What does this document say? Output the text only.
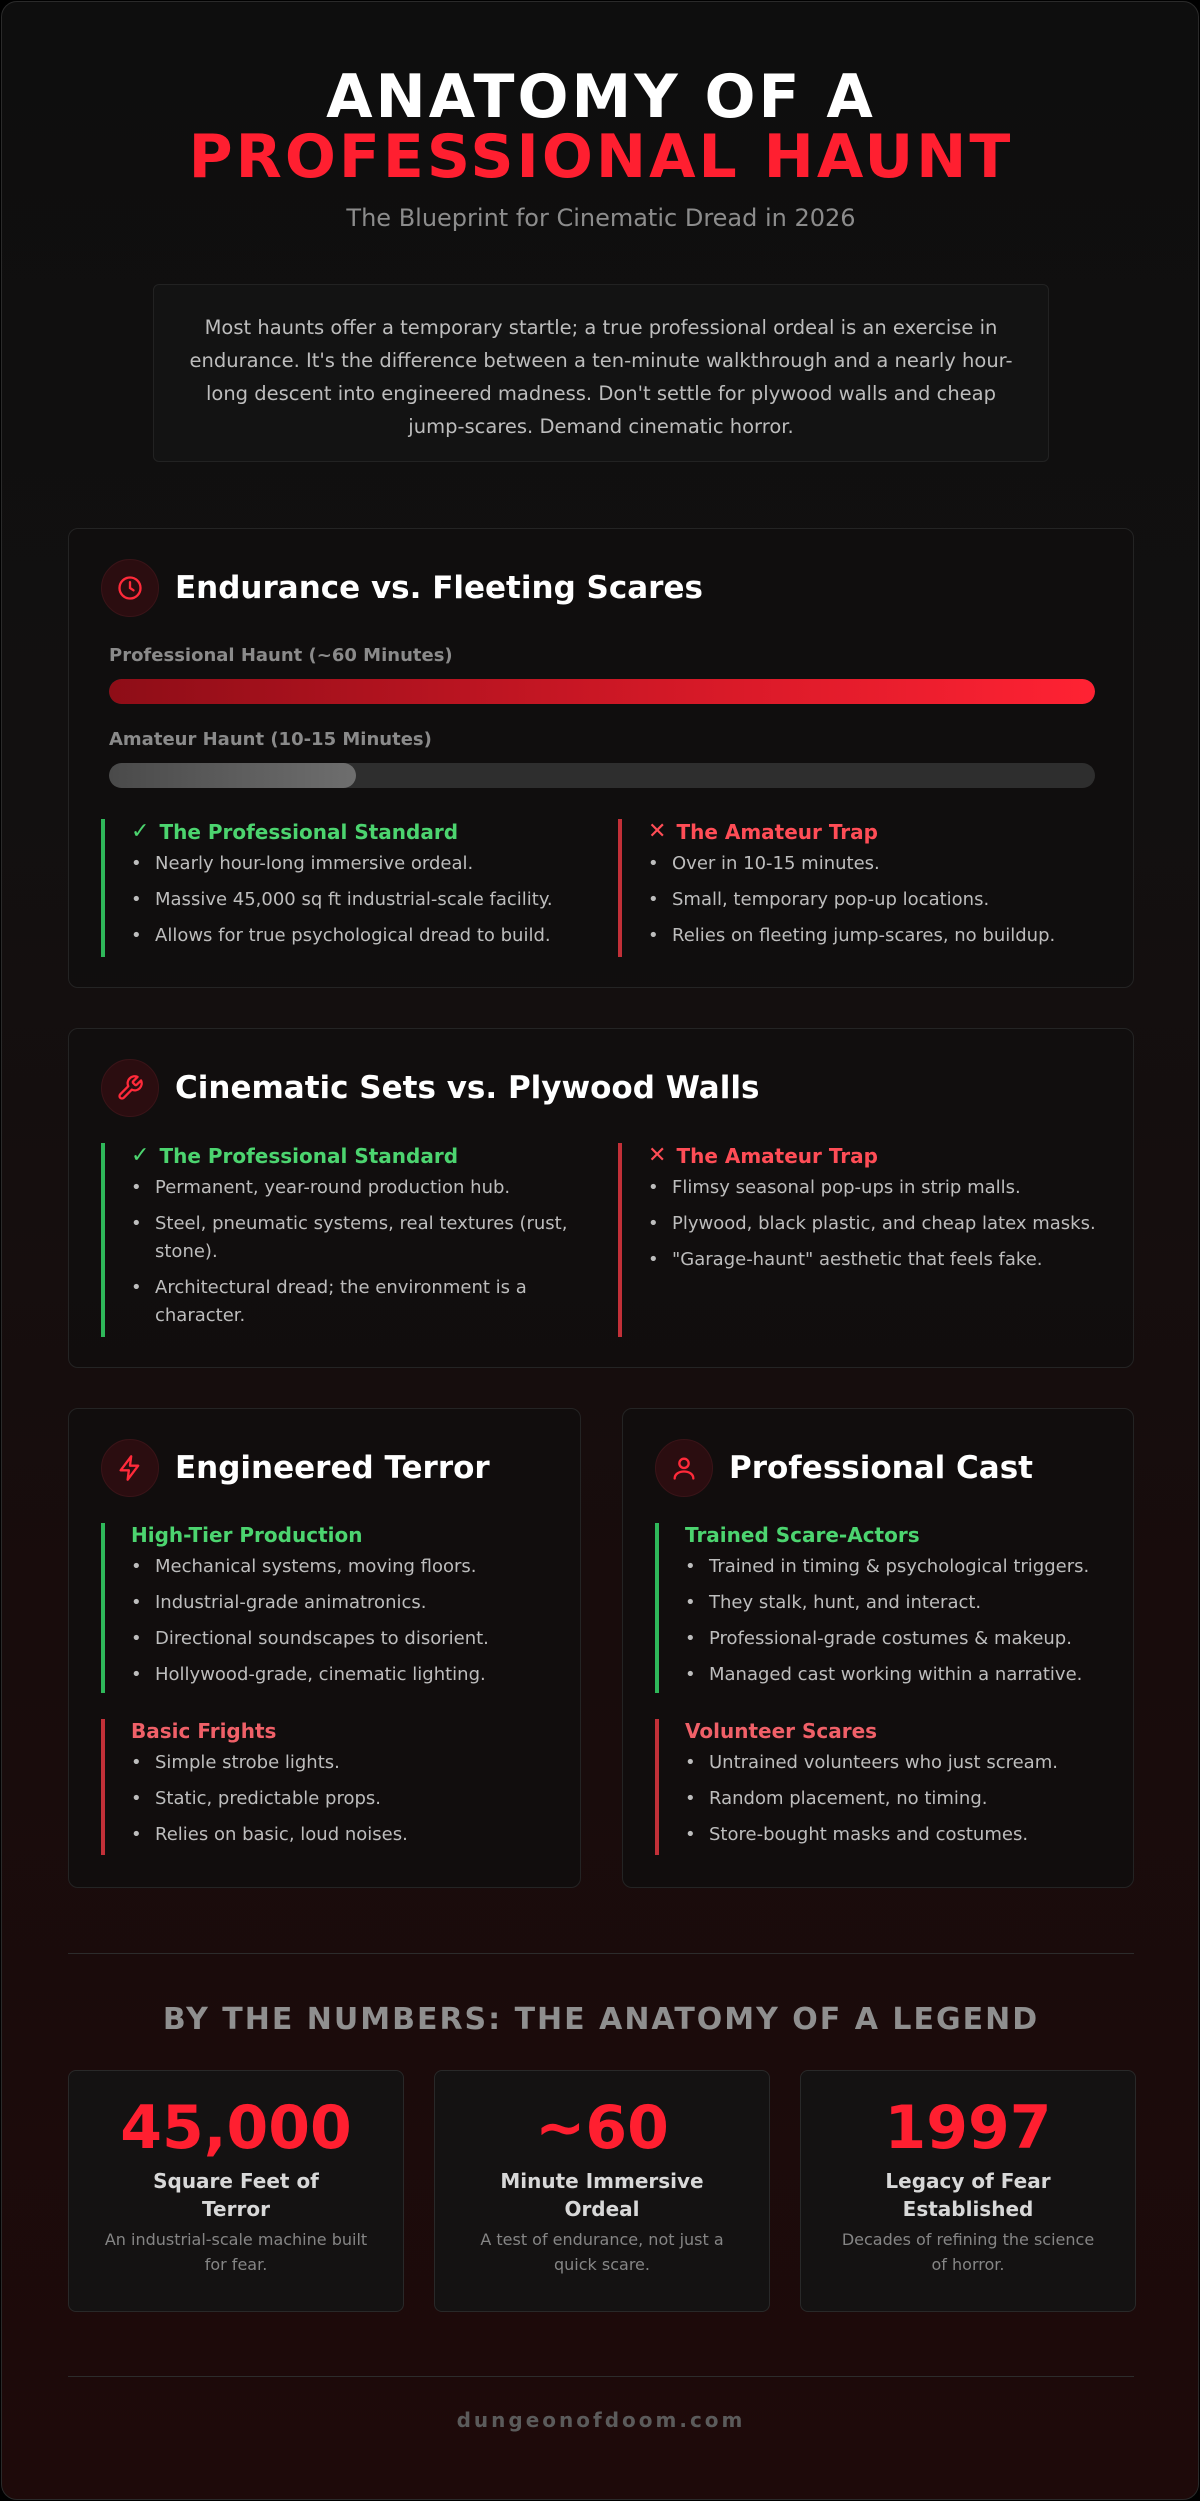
ANATOMY OF A
PROFESSIONAL HAUNT
The Blueprint for Cinematic Dread in 2026
Most haunts offer a temporary startle; a true professional ordeal is an exercise in endurance. It's the difference between a ten-minute walkthrough and a nearly hour-long descent into engineered madness. Don't settle for plywood walls and cheap jump-scares. Demand cinematic horror.
Endurance vs. Fleeting Scares
Professional Haunt (~60 Minutes)
Amateur Haunt (10-15 Minutes)
✓ The Professional Standard
• Nearly hour-long immersive ordeal.
• Massive 45,000 sq ft industrial-scale facility.
• Allows for true psychological dread to build.
✕ The Amateur Trap
• Over in 10-15 minutes.
• Small, temporary pop-up locations.
• Relies on fleeting jump-scares, no buildup.
Cinematic Sets vs. Plywood Walls
✓ The Professional Standard
• Permanent, year-round production hub.
• Steel, pneumatic systems, real textures (rust, stone).
• Architectural dread; the environment is a character.
✕ The Amateur Trap
• Flimsy seasonal pop-ups in strip malls.
• Plywood, black plastic, and cheap latex masks.
• "Garage-haunt" aesthetic that feels fake.
Engineered Terror
High-Tier Production
• Mechanical systems, moving floors.
• Industrial-grade animatronics.
• Directional soundscapes to disorient.
• Hollywood-grade, cinematic lighting.
Basic Frights
• Simple strobe lights.
• Static, predictable props.
• Relies on basic, loud noises.
Professional Cast
Trained Scare-Actors
• Trained in timing & psychological triggers.
• They stalk, hunt, and interact.
• Professional-grade costumes & makeup.
• Managed cast working within a narrative.
Volunteer Scares
• Untrained volunteers who just scream.
• Random placement, no timing.
• Store-bought masks and costumes.
BY THE NUMBERS: THE ANATOMY OF A LEGEND
45,000
Square Feet of Terror
An industrial-scale machine built for fear.
~60
Minute Immersive Ordeal
A test of endurance, not just a quick scare.
1997
Legacy of Fear Established
Decades of refining the science of horror.
dungeonofdoom.com
